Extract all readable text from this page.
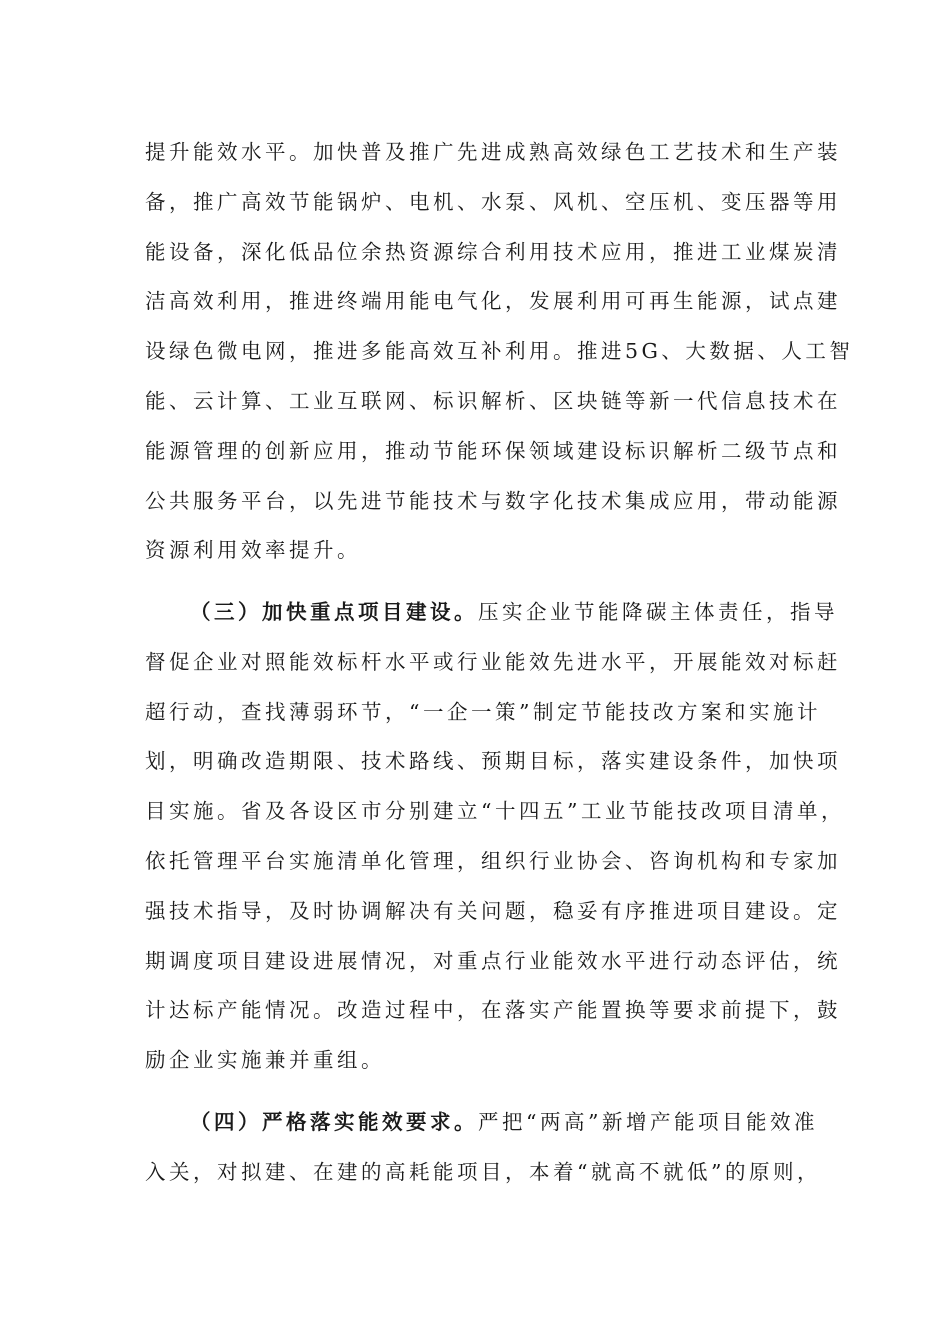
提升能效水平。加快普及推广先进成熟高效绿色工艺技术和生产装
备，推广高效节能锅炉、电机、水泵、风机、空压机、变压器等用
能设备，深化低品位余热资源综合利用技术应用，推进工业煤炭清
洁高效利用，推进终端用能电气化，发展利用可再生能源，试点建
设绿色微电网，推进多能高效互补利用。推进5G、大数据、人工智
能、云计算、工业互联网、标识解析、区块链等新一代信息技术在
能源管理的创新应用，推动节能环保领域建设标识解析二级节点和
公共服务平台，以先进节能技术与数字化技术集成应用，带动能源
资源利用效率提升。
（三）加快重点项目建设。压实企业节能降碳主体责任，指导
督促企业对照能效标杆水平或行业能效先进水平，开展能效对标赶
超行动，查找薄弱环节，“一企一策”制定节能技改方案和实施计
划，明确改造期限、技术路线、预期目标，落实建设条件，加快项
目实施。省及各设区市分别建立“十四五”工业节能技改项目清单，
依托管理平台实施清单化管理，组织行业协会、咨询机构和专家加
强技术指导，及时协调解决有关问题，稳妥有序推进项目建设。定
期调度项目建设进展情况，对重点行业能效水平进行动态评估，统
计达标产能情况。改造过程中，在落实产能置换等要求前提下，鼓
励企业实施兼并重组。
（四）严格落实能效要求。严把“两高”新增产能项目能效准
入关，对拟建、在建的高耗能项目，本着“就高不就低”的原则，
